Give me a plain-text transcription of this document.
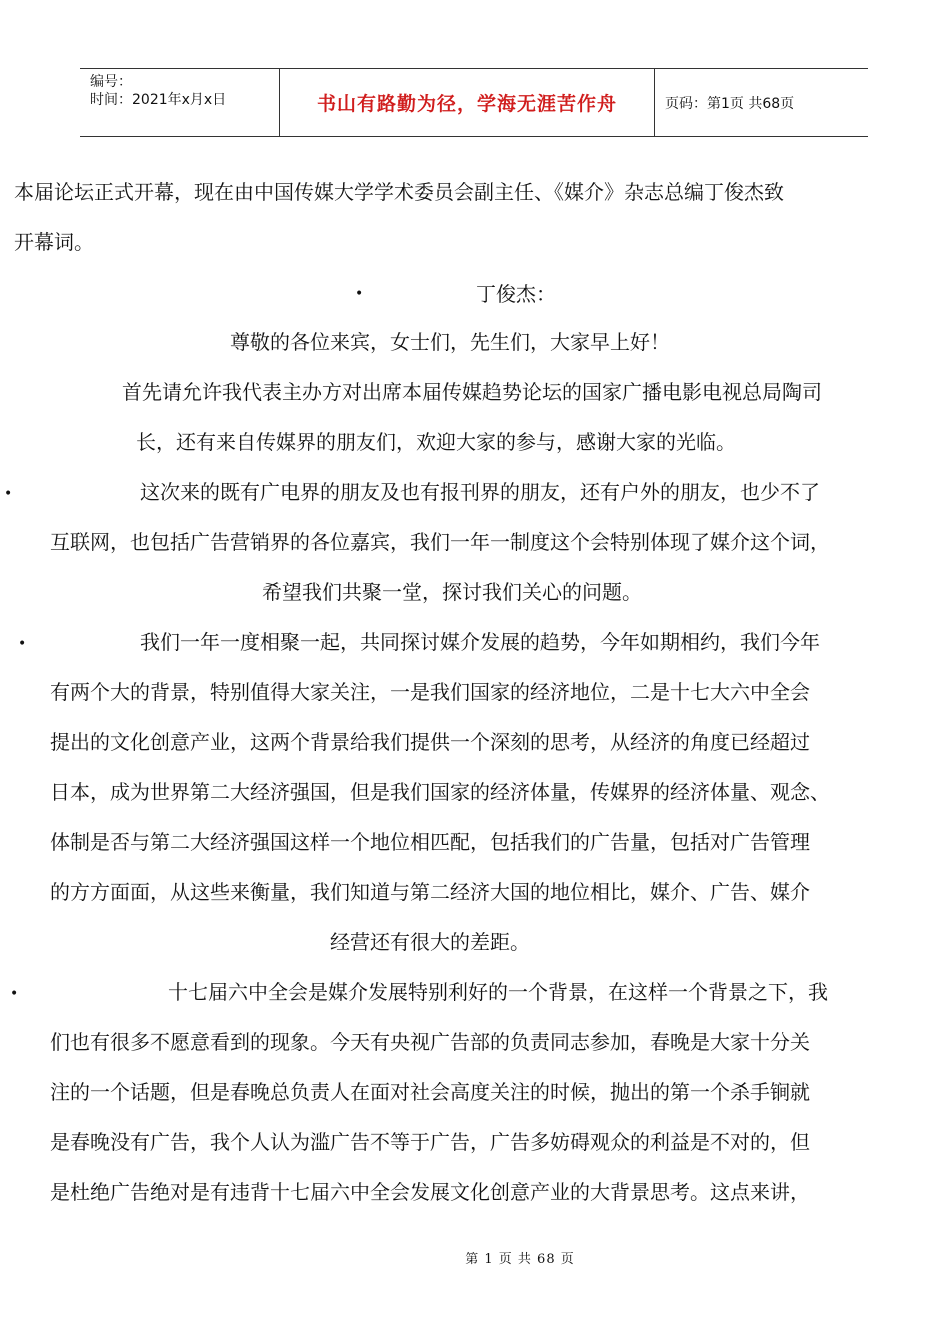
编号：
时间：2021年x月x日	书山有路勤为径，学海无涯苦作舟	页码：第1页 共68页
本届论坛正式开幕，现在由中国传媒大学学术委员会副主任、《媒介》杂志总编丁俊杰致
开幕词。
•	丁俊杰：
尊敬的各位来宾，女士们，先生们，大家早上好！
首先请允许我代表主办方对出席本届传媒趋势论坛的国家广播电影电视总局陶司
长，还有来自传媒界的朋友们，欢迎大家的参与，感谢大家的光临。
•	这次来的既有广电界的朋友及也有报刊界的朋友，还有户外的朋友，也少不了
互联网，也包括广告营销界的各位嘉宾，我们一年一制度这个会特别体现了媒介这个词，
希望我们共聚一堂，探讨我们关心的问题。
•	我们一年一度相聚一起，共同探讨媒介发展的趋势，今年如期相约，我们今年
有两个大的背景，特别值得大家关注，一是我们国家的经济地位，二是十七大六中全会
提出的文化创意产业，这两个背景给我们提供一个深刻的思考，从经济的角度已经超过
日本，成为世界第二大经济强国，但是我们国家的经济体量，传媒界的经济体量、观念、
体制是否与第二大经济强国这样一个地位相匹配，包括我们的广告量，包括对广告管理
的方方面面，从这些来衡量，我们知道与第二经济大国的地位相比，媒介、广告、媒介
经营还有很大的差距。
•	十七届六中全会是媒介发展特别利好的一个背景，在这样一个背景之下，我
们也有很多不愿意看到的现象。今天有央视广告部的负责同志参加，春晚是大家十分关
注的一个话题，但是春晚总负责人在面对社会高度关注的时候，抛出的第一个杀手锏就
是春晚没有广告，我个人认为滥广告不等于广告，广告多妨碍观众的利益是不对的，但
是杜绝广告绝对是有违背十七届六中全会发展文化创意产业的大背景思考。这点来讲，
第 1 页 共 68 页
